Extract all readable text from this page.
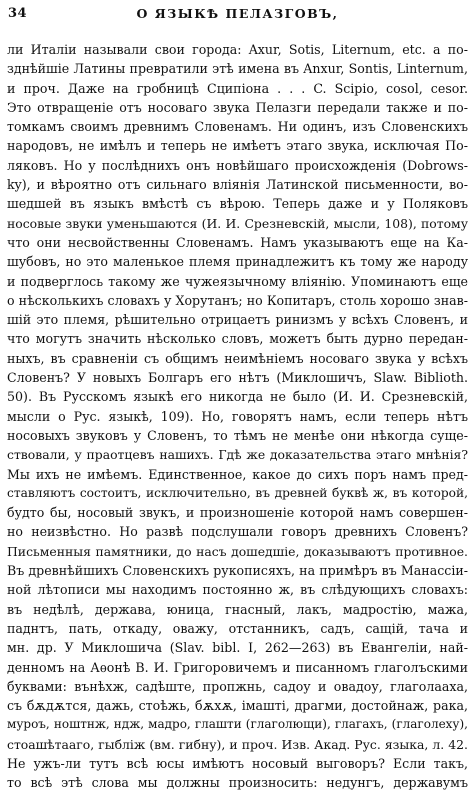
34	О ЯЗЫКѢ ПЕЛАЗГОВЪ,
ли Италіи называли свои города: Axur, Sotis, Liternum, etc. а по-
зднѣйшіе Латины превратили этѣ имена въ Anxur, Sontis, Linternum,
и проч. Даже на гробницѣ Сципіона . . . C. Scipio, cosol, cesor.
Это отвращеніе отъ носоваго звука Пелазги передали также и по-
томкамъ своимъ древнимъ Словенамъ. Ни одинъ, изъ Словенскихъ
народовъ, не имѣлъ и теперь не имѣетъ этаго звука, исключая По-
ляковъ. Но у послѣднихъ онъ новѣйшаго происхожденія (Dobrows-
ky), и вѣроятно отъ сильнаго вліянія Латинской письменности, во-
шедшей въ языкъ вмѣстѣ съ вѣрою. Теперь даже и у Поляковъ
носовые звуки уменьшаются (И. И. Срезневскій, мысли, 108), потому
что они несвойственны Словенамъ. Намъ указываютъ еще на Ка-
шубовъ, но это маленькое племя принадлежитъ къ тому же народу
и подверглось такому же чужеязычному вліянію. Упоминаютъ еще
о нѣсколькихъ словахъ у Хорутанъ; но Копитаръ, столь хорошо знав-
шій это племя, рѣшительно отрицаетъ ринизмъ у всѣхъ Словенъ, и
что могутъ значить нѣсколько словъ, можетъ быть дурно передан-
ныхъ, въ сравненіи съ общимъ неимѣніемъ носоваго звука у всѣхъ
Словенъ? У новыхъ Болгаръ его нѣтъ (Миклошичъ, Slaw. Biblioth.
50). Въ Русскомъ языкѣ его никогда не было (И. И. Срезневскій,
мысли о Рус. языкѣ, 109). Но, говорятъ намъ, если теперь нѣтъ
носовыхъ звуковъ у Словенъ, то тѣмъ не менѣе они нѣкогда суще-
ствовали, у праотцевъ нашихъ. Гдѣ же доказательства этаго мнѣнія?
Мы ихъ не имѣемъ. Единственное, какое до сихъ поръ намъ пред-
ставляютъ состоитъ, исключительно, въ древней буквѣ ж, въ которой,
будто бы, носовый звукъ, и произношеніе которой намъ совершен-
но неизвѣстно. Но развѣ подслушали говоръ древнихъ Словенъ?
Письменныя памятники, до насъ дошедшіе, доказываютъ противное.
Въ древнѣйшихъ Словенскихъ рукописяхъ, на примѣръ въ Манассіи-
ной лѣтописи мы находимъ постоянно ж, въ слѣдующихъ словахъ:
въ недѣлѣ, держава, юница, гнасный, лакъ, мадростію, мажа,
паднтъ, пать, откаду, оважу, отстанникъ, садъ, сащій, тача и
мн. др. У Миклошича (Slav. bibl. I, 262—263) въ Евангеліи, най-
денномъ на Аѳонѣ В. И. Григоровичемъ и писанномъ глаголъскими
буквами: вънѣхж, садѣште, пропжнь, садоу и овадоу, глаголааха,
съ бѫдѫтся, дажь, стоѣжь, бѫхѫ, імашті, драгми, достойнаж, рака,
муроъ, ноштнж, ндж, мадро, глашти (глаголющи), глагахъ, (глаголеху),
стоашѣтааго, гыбліж (вм. гибну), и проч. Изв. Акад. Рус. языка, л. 42.
Не ужъ-ли тутъ всѣ юсы имѣютъ носовый выговоръ? Если такъ,
то всѣ этѣ слова мы должны произносить: недунгъ, державумъ
